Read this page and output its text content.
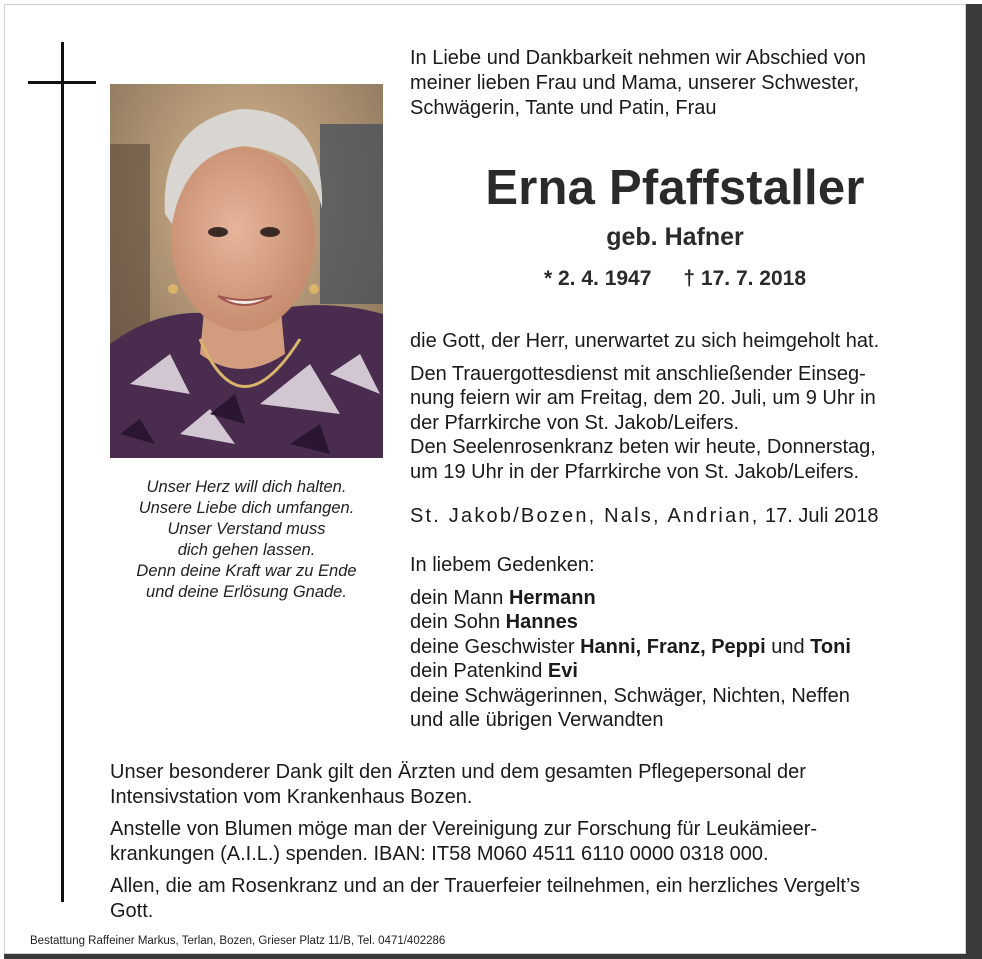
Unser Herz will dich halten.
Unsere Liebe dich umfangen.
Unser Verstand muss
dich gehen lassen.
Denn deine Kraft war zu Ende
und deine Erlösung Gnade.
In Liebe und Dankbarkeit nehmen wir Abschied von
meiner lieben Frau und Mama, unserer Schwester,
Schwägerin, Tante und Patin, Frau
Erna Pfaffstaller
geb. Hafner
* 2. 4. 1947 † 17. 7. 2018
die Gott, der Herr, unerwartet zu sich heimgeholt hat.
Den Trauergottesdienst mit anschließender Einseg-
nung feiern wir am Freitag, dem 20. Juli, um 9 Uhr in
der Pfarrkirche von St. Jakob/Leifers.
Den Seelenrosenkranz beten wir heute, Donnerstag,
um 19 Uhr in der Pfarrkirche von St. Jakob/Leifers.
St. Jakob/Bozen, Nals, Andrian, 17. Juli 2018
In liebem Gedenken:
dein Mann Hermann
dein Sohn Hannes
deine Geschwister Hanni, Franz, Peppi und Toni
dein Patenkind Evi
deine Schwägerinnen, Schwäger, Nichten, Neffen
und alle übrigen Verwandten
Unser besonderer Dank gilt den Ärzten und dem gesamten Pflegepersonal der
Intensivstation vom Krankenhaus Bozen.
Anstelle von Blumen möge man der Vereinigung zur Forschung für Leukämieer-
krankungen (A.I.L.) spenden. IBAN: IT58 M060 4511 6110 0000 0318 000.
Allen, die am Rosenkranz und an der Trauerfeier teilnehmen, ein herzliches Vergelt’s
Gott.
Bestattung Raffeiner Markus, Terlan, Bozen, Grieser Platz 11/B, Tel. 0471/402286
